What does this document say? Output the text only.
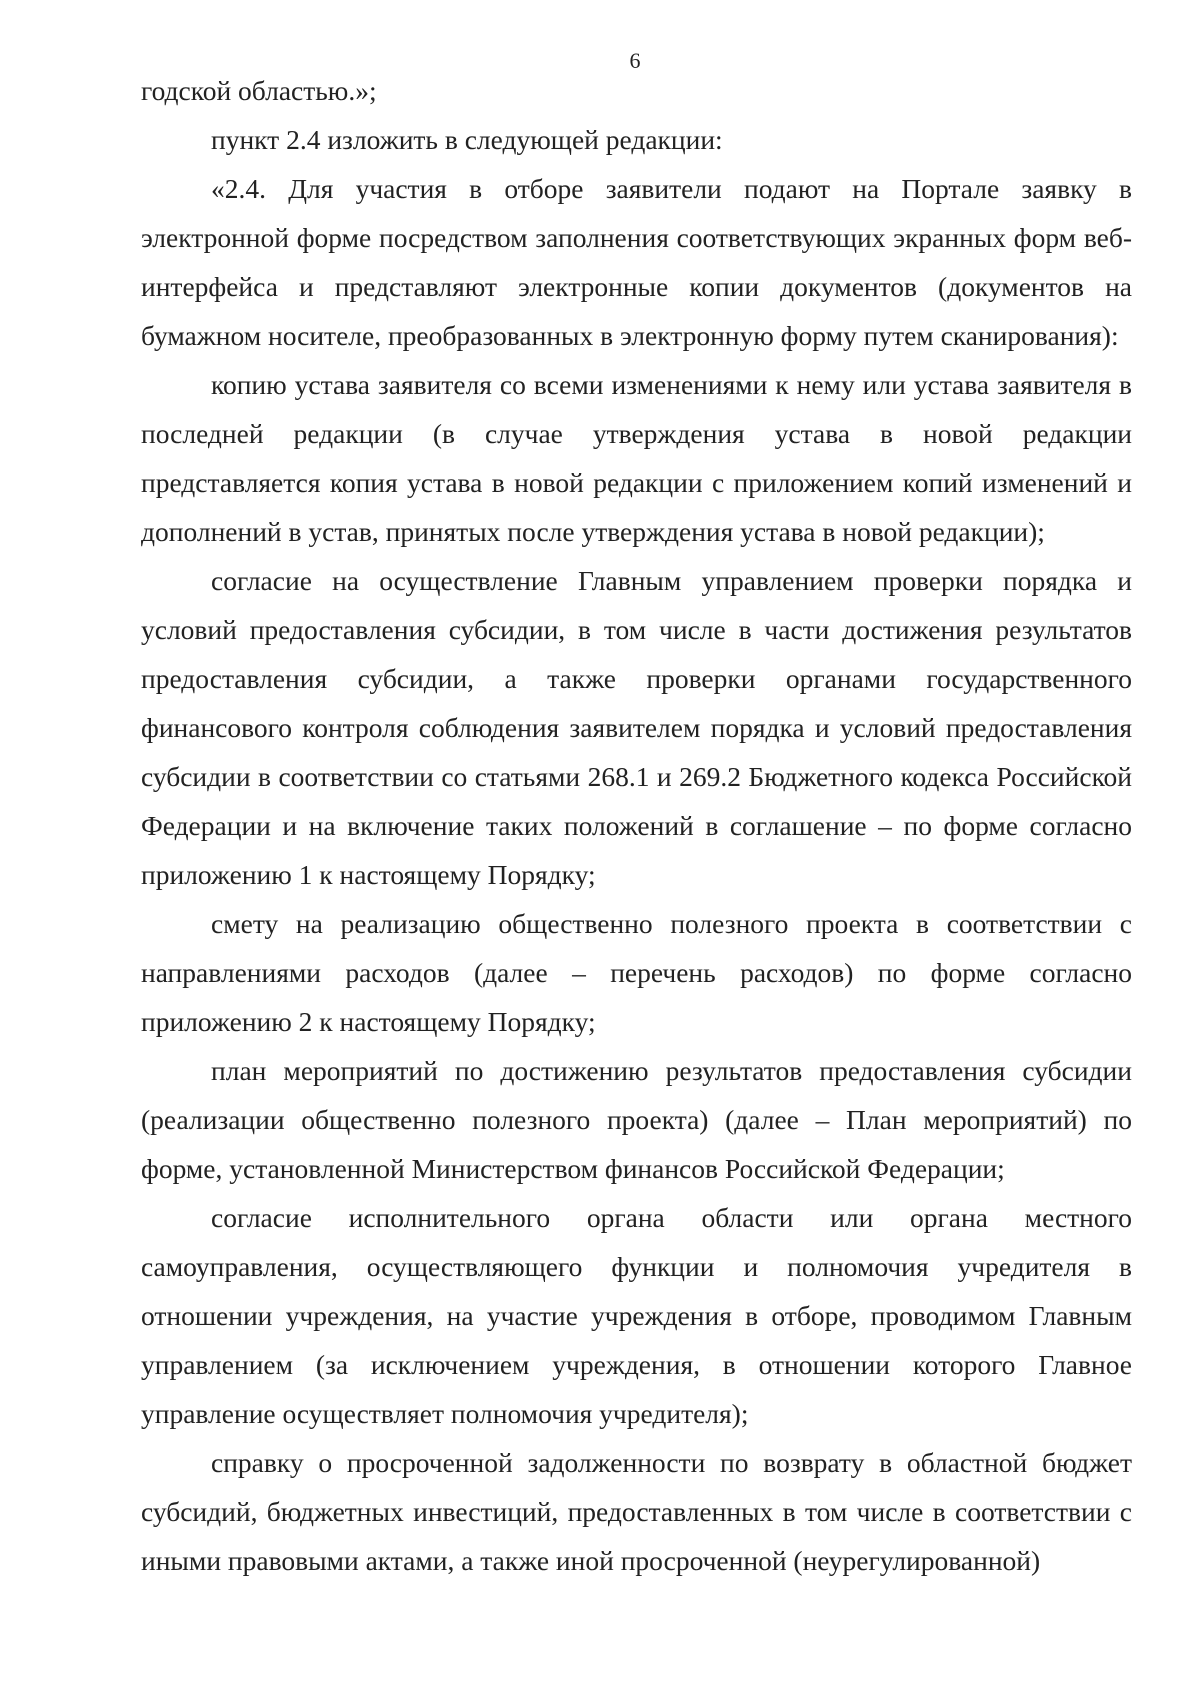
6

годской областью.»;

пункт 2.4 изложить в следующей редакции:

«2.4. Для участия в отборе заявители подают на Портале заявку в электронной форме посредством заполнения соответствующих экранных форм веб-интерфейса и представляют электронные копии документов (документов на бумажном носителе, преобразованных в электронную форму путем сканирования):

копию устава заявителя со всеми изменениями к нему или устава заявителя в последней редакции (в случае утверждения устава в новой редакции представляется копия устава в новой редакции с приложением копий изменений и дополнений в устав, принятых после утверждения устава в новой редакции);

согласие на осуществление Главным управлением проверки порядка и условий предоставления субсидии, в том числе в части достижения результатов предоставления субсидии, а также проверки органами государственного финансового контроля соблюдения заявителем порядка и условий предоставления субсидии в соответствии со статьями 268.1 и 269.2 Бюджетного кодекса Российской Федерации и на включение таких положений в соглашение – по форме согласно приложению 1 к настоящему Порядку;

смету на реализацию общественно полезного проекта в соответствии с направлениями расходов (далее – перечень расходов) по форме согласно приложению 2 к настоящему Порядку;

план мероприятий по достижению результатов предоставления субсидии (реализации общественно полезного проекта) (далее – План мероприятий) по форме, установленной Министерством финансов Российской Федерации;

согласие исполнительного органа области или органа местного самоуправления, осуществляющего функции и полномочия учредителя в отношении учреждения, на участие учреждения в отборе, проводимом Главным управлением (за исключением учреждения, в отношении которого Главное управление осуществляет полномочия учредителя);

справку о просроченной задолженности по возврату в областной бюджет субсидий, бюджетных инвестиций, предоставленных в том числе в соответствии с иными правовыми актами, а также иной просроченной (неурегулированной)
